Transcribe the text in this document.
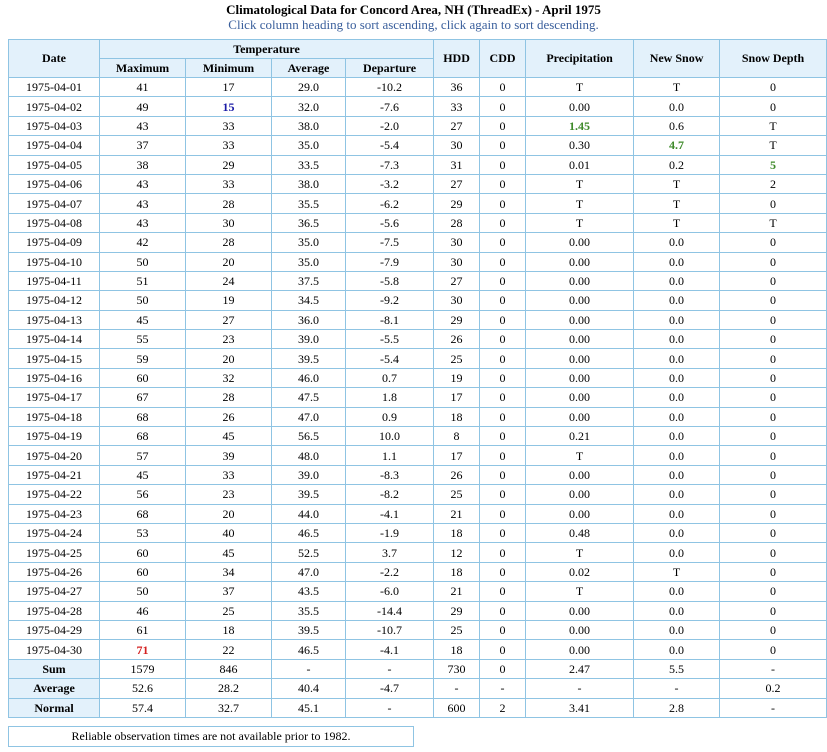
Climatological Data for Concord Area, NH (ThreadEx) - April 1975
Click column heading to sort ascending, click again to sort descending.
Date	Temperature				HDD	CDD	Precipitation	New Snow	Snow Depth
	Maximum	Minimum	Average	Departure					
1975-04-01	41	17	29.0	-10.2	36	0	T	T	0
1975-04-02	49	15	32.0	-7.6	33	0	0.00	0.0	0
1975-04-03	43	33	38.0	-2.0	27	0	1.45	0.6	T
1975-04-04	37	33	35.0	-5.4	30	0	0.30	4.7	T
1975-04-05	38	29	33.5	-7.3	31	0	0.01	0.2	5
1975-04-06	43	33	38.0	-3.2	27	0	T	T	2
1975-04-07	43	28	35.5	-6.2	29	0	T	T	0
1975-04-08	43	30	36.5	-5.6	28	0	T	T	T
1975-04-09	42	28	35.0	-7.5	30	0	0.00	0.0	0
1975-04-10	50	20	35.0	-7.9	30	0	0.00	0.0	0
1975-04-11	51	24	37.5	-5.8	27	0	0.00	0.0	0
1975-04-12	50	19	34.5	-9.2	30	0	0.00	0.0	0
1975-04-13	45	27	36.0	-8.1	29	0	0.00	0.0	0
1975-04-14	55	23	39.0	-5.5	26	0	0.00	0.0	0
1975-04-15	59	20	39.5	-5.4	25	0	0.00	0.0	0
1975-04-16	60	32	46.0	0.7	19	0	0.00	0.0	0
1975-04-17	67	28	47.5	1.8	17	0	0.00	0.0	0
1975-04-18	68	26	47.0	0.9	18	0	0.00	0.0	0
1975-04-19	68	45	56.5	10.0	8	0	0.21	0.0	0
1975-04-20	57	39	48.0	1.1	17	0	T	0.0	0
1975-04-21	45	33	39.0	-8.3	26	0	0.00	0.0	0
1975-04-22	56	23	39.5	-8.2	25	0	0.00	0.0	0
1975-04-23	68	20	44.0	-4.1	21	0	0.00	0.0	0
1975-04-24	53	40	46.5	-1.9	18	0	0.48	0.0	0
1975-04-25	60	45	52.5	3.7	12	0	T	0.0	0
1975-04-26	60	34	47.0	-2.2	18	0	0.02	T	0
1975-04-27	50	37	43.5	-6.0	21	0	T	0.0	0
1975-04-28	46	25	35.5	-14.4	29	0	0.00	0.0	0
1975-04-29	61	18	39.5	-10.7	25	0	0.00	0.0	0
1975-04-30	71	22	46.5	-4.1	18	0	0.00	0.0	0
Sum	1579	846	-	-	730	0	2.47	5.5	-
Average	52.6	28.2	40.4	-4.7	-	-	-	-	0.2
Normal	57.4	32.7	45.1	-	600	2	3.41	2.8	-
Reliable observation times are not available prior to 1982.
